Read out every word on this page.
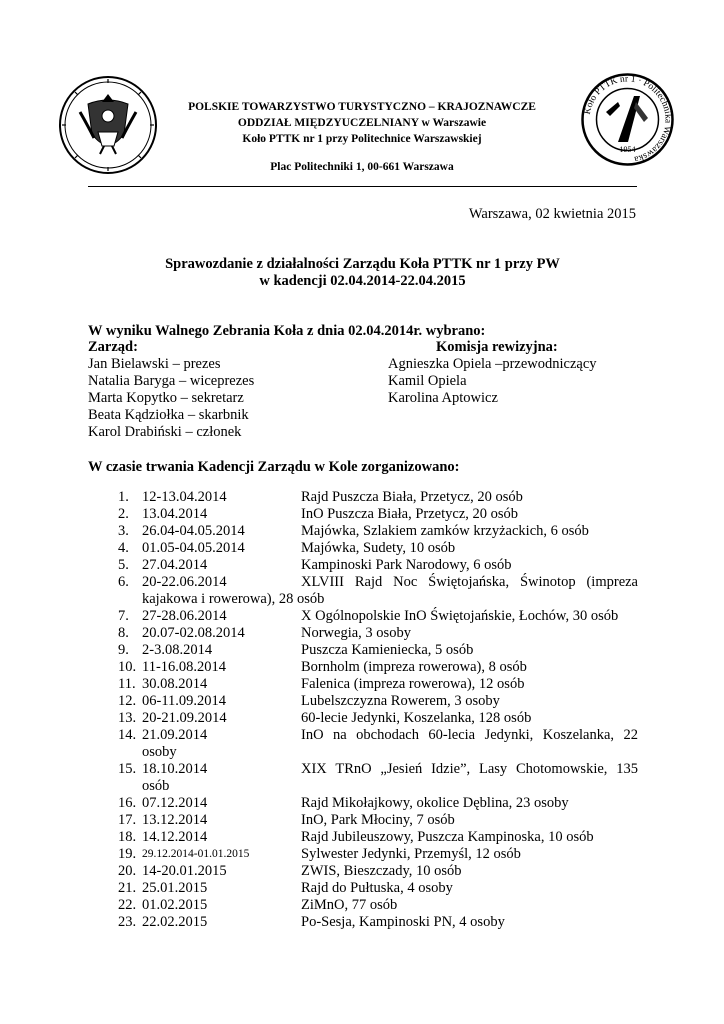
Koło PTTK nr 1 · Politechnika Warszawska
1954
POLSKIE TOWARZYSTWO TURYSTYCZNO – KRAJOZNAWCZE
ODDZIAŁ MIĘDZYUCZELNIANY w Warszawie
Koło PTTK nr 1 przy Politechnice Warszawskiej
Plac Politechniki 1, 00-661 Warszawa
Warszawa, 02 kwietnia 2015
Sprawozdanie z działalności Zarządu Koła PTTK nr 1 przy PW
w kadencji 02.04.2014-22.04.2015
W wyniku Walnego Zebrania Koła z dnia 02.04.2014r. wybrano:
Zarząd:	Komisja rewizyjna:
Jan Bielawski – prezes
Natalia Baryga – wiceprezes
Marta Kopytko – sekretarz
Beata Kądziołka – skarbnik
Karol Drabiński – członek
Agnieszka Opiela –przewodniczący
Kamil Opiela
Karolina Aptowicz
W czasie trwania Kadencji Zarządu w Kole zorganizowano:
1. 12-13.04.2014	Rajd Puszcza Biała, Przetycz, 20 osób
2. 13.04.2014	InO Puszcza Biała, Przetycz, 20 osób
3. 26.04-04.05.2014	Majówka, Szlakiem zamków krzyżackich, 6 osób
4. 01.05-04.05.2014	Majówka, Sudety, 10 osób
5. 27.04.2014	Kampinoski Park Narodowy, 6 osób
6. 20-22.06.2014	XLVIII Rajd Noc Świętojańska, Świnotop (impreza
kajakowa i rowerowa), 28 osób
7. 27-28.06.2014	X Ogólnopolskie InO Świętojańskie, Łochów, 30 osób
8. 20.07-02.08.2014	Norwegia, 3 osoby
9. 2-3.08.2014	Puszcza Kamieniecka, 5 osób
10. 11-16.08.2014	Bornholm (impreza rowerowa), 8 osób
11. 30.08.2014	Falenica (impreza rowerowa), 12 osób
12. 06-11.09.2014	Lubelszczyzna Rowerem, 3 osoby
13. 20-21.09.2014	60-lecie Jedynki, Koszelanka, 128 osób
14. 21.09.2014	InO na obchodach 60-lecia Jedynki, Koszelanka, 22
osoby
15. 18.10.2014	XIX TRnO „Jesień Idzie”, Lasy Chotomowskie, 135
osób
16. 07.12.2014	Rajd Mikołajkowy, okolice Dęblina, 23 osoby
17. 13.12.2014	InO, Park Młociny, 7 osób
18. 14.12.2014	Rajd Jubileuszowy, Puszcza Kampinoska, 10 osób
19. 29.12.2014-01.01.2015	Sylwester Jedynki, Przemyśl, 12 osób
20. 14-20.01.2015	ZWIS, Bieszczady, 10 osób
21. 25.01.2015	Rajd do Pułtuska, 4 osoby
22. 01.02.2015	ZiMnO, 77 osób
23. 22.02.2015	Po-Sesja, Kampinoski PN, 4 osoby
